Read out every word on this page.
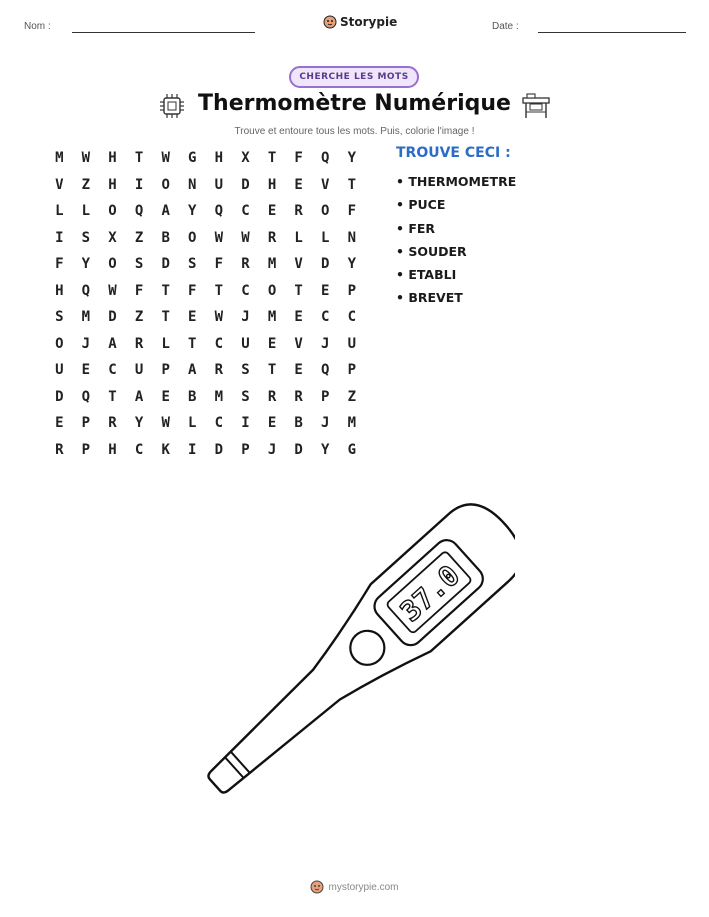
Nom :	Storypie	Date :
CHERCHE LES MOTS
Thermomètre Numérique
Trouve et entoure tous les mots. Puis, colorie l'image !
M	W	H	T	W	G	H	X	T	F	Q	Y
V	Z	H	I	O	N	U	D	H	E	V	T
L	L	O	Q	A	Y	Q	C	E	R	O	F
I	S	X	Z	B	O	W	W	R	L	L	N
F	Y	O	S	D	S	F	R	M	V	D	Y
H	Q	W	F	T	F	T	C	O	T	E	P
S	M	D	Z	T	E	W	J	M	E	C	C
O	J	A	R	L	T	C	U	E	V	J	U
U	E	C	U	P	A	R	S	T	E	Q	P
D	Q	T	A	E	B	M	S	R	R	P	Z
E	P	R	Y	W	L	C	I	E	B	J	M
R	P	H	C	K	I	D	P	J	D	Y	G
TROUVE CECI :
• THERMOMETRE
• PUCE
• FER
• SOUDER
• ETABLI
• BREVET
37.0
mystorypie.com
